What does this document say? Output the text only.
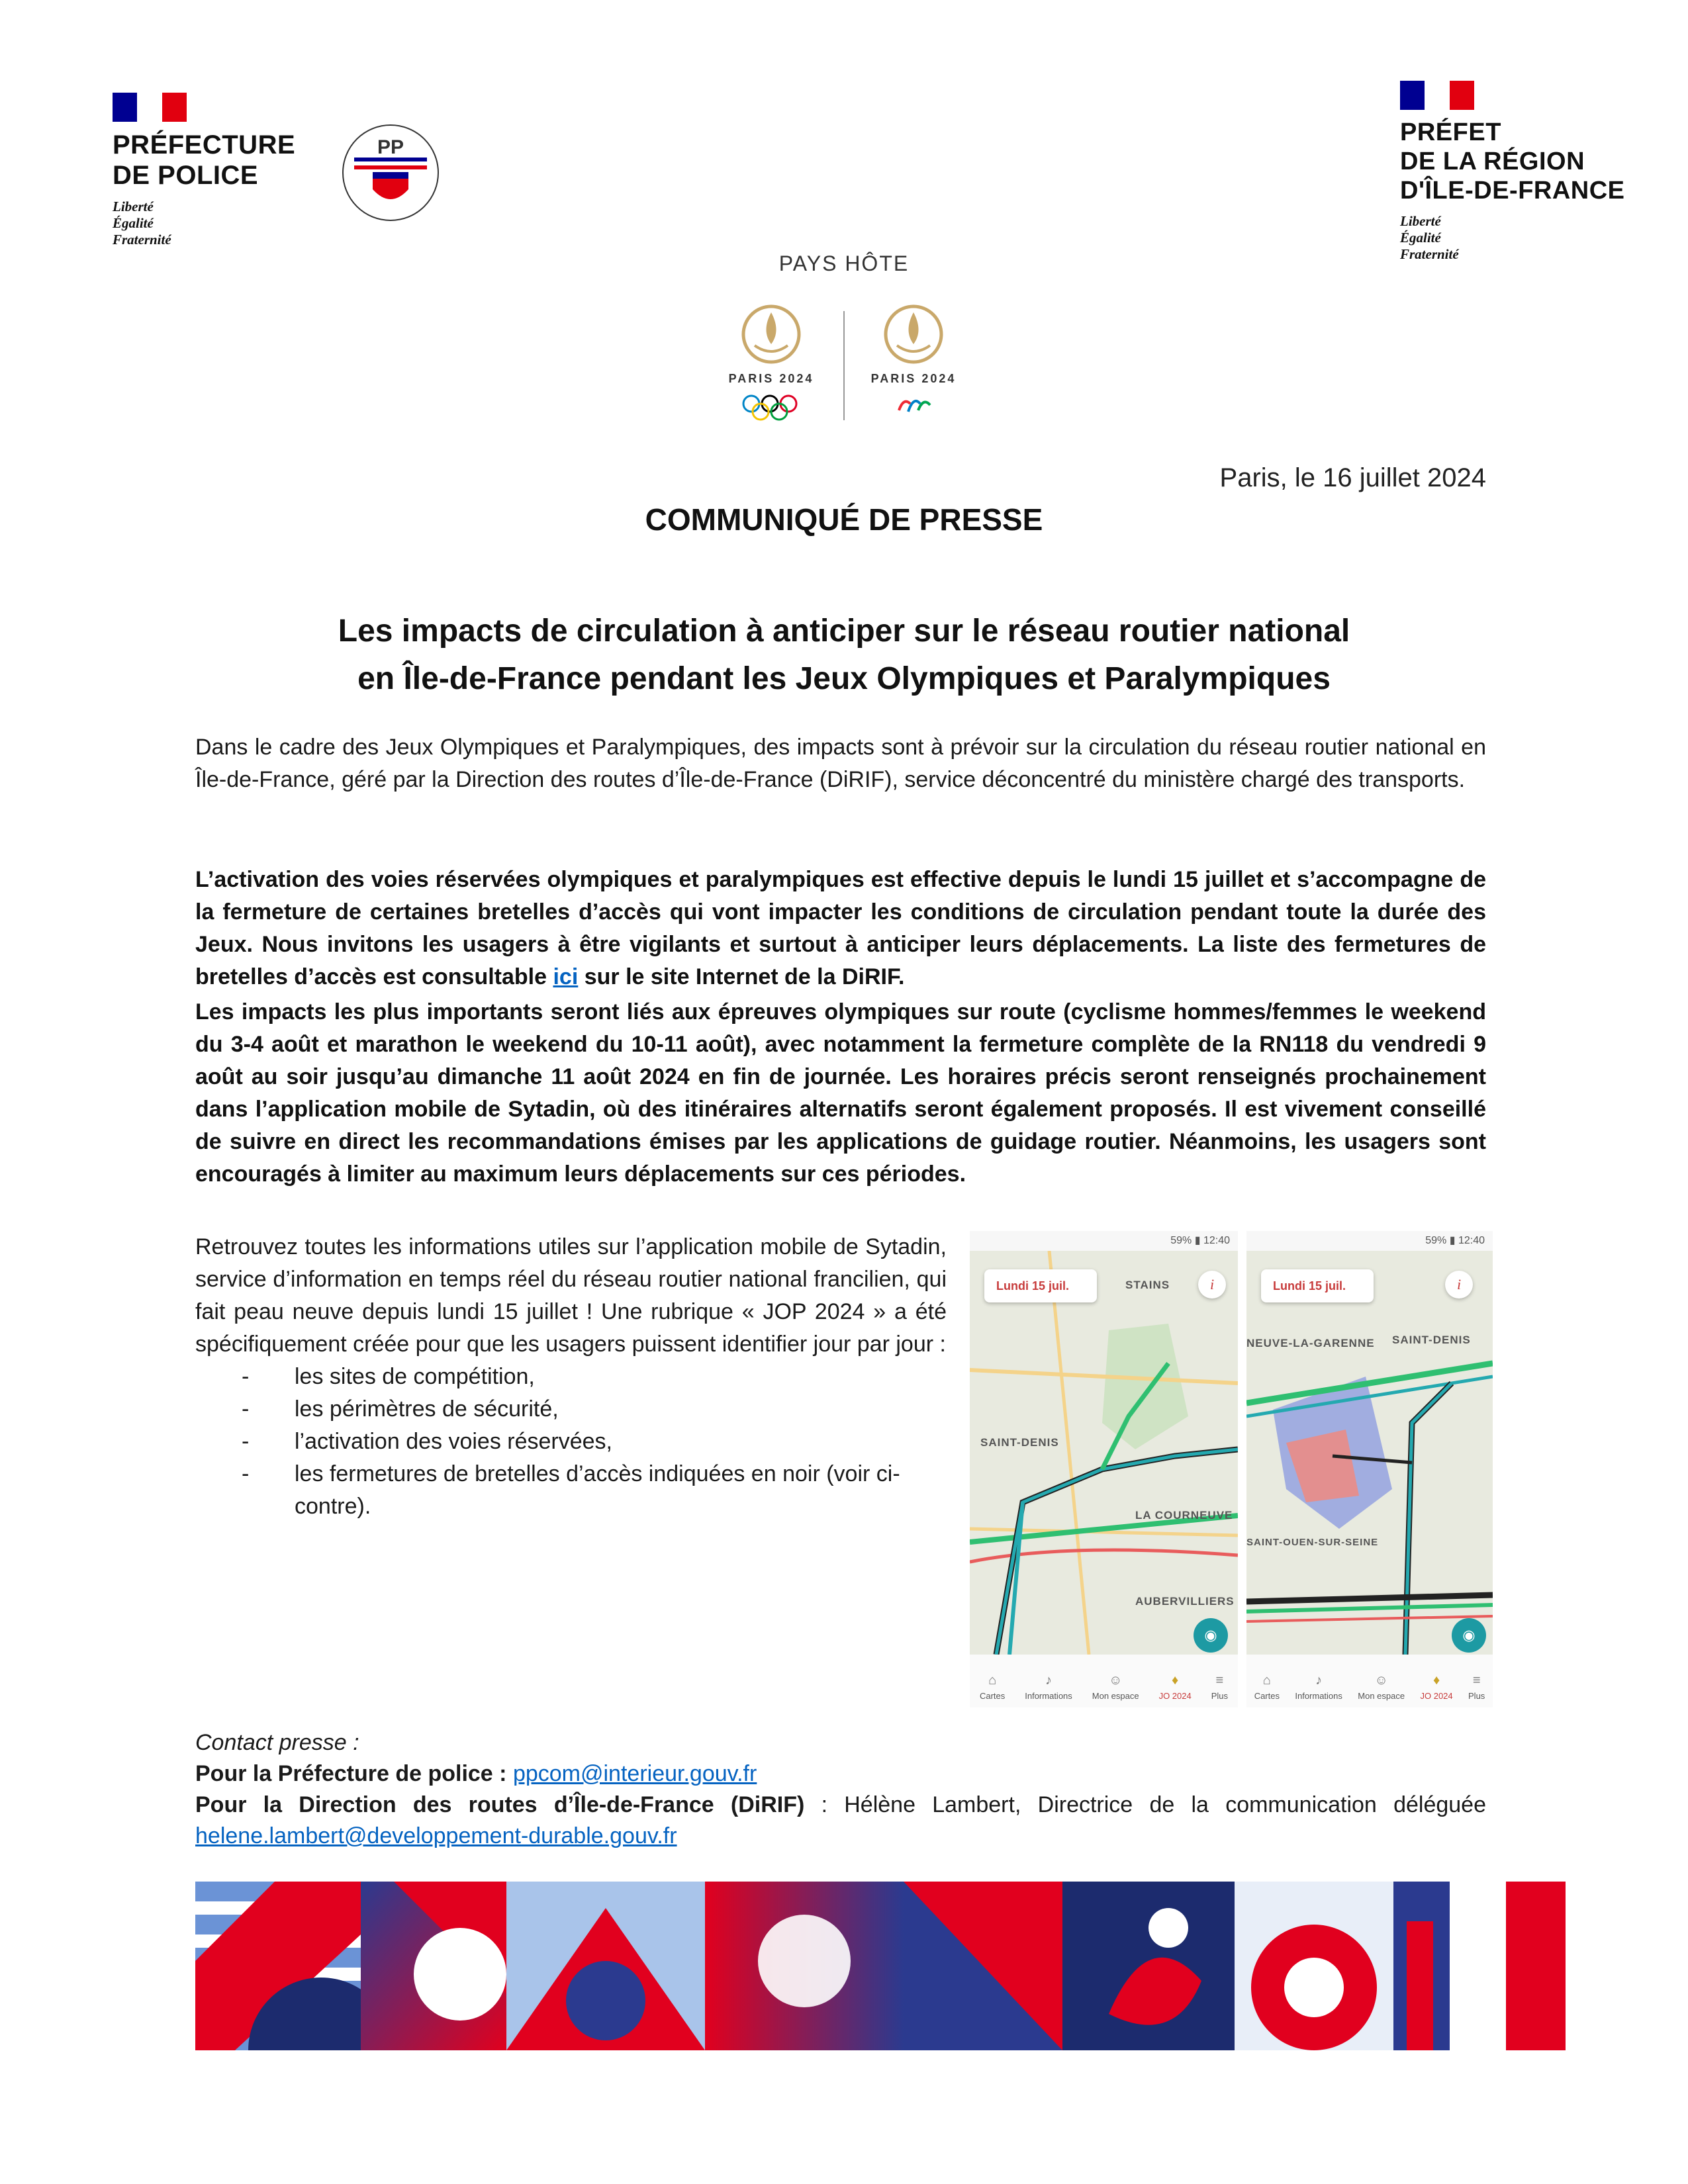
PRÉFECTURE
DE POLICE
Liberté
Égalité
Fraternité
PP
PRÉFET
DE LA RÉGION
D'ÎLE-DE-FRANCE
Liberté
Égalité
Fraternité
PAYS HÔTE
PARIS 2024	PARIS 2024
Paris, le 16 juillet 2024
COMMUNIQUÉ DE PRESSE
Les impacts de circulation à anticiper sur le réseau routier national
en Île-de-France pendant les Jeux Olympiques et Paralympiques
Dans le cadre des Jeux Olympiques et Paralympiques, des impacts sont à prévoir sur la circulation du réseau routier national en Île-de-France, géré par la Direction des routes d’Île-de-France (DiRIF), service déconcentré du ministère chargé des transports.
L’activation des voies réservées olympiques et paralympiques est effective depuis le lundi 15 juillet et s’accompagne de la fermeture de certaines bretelles d’accès qui vont impacter les conditions de circulation pendant toute la durée des Jeux. Nous invitons les usagers à être vigilants et surtout à anticiper leurs déplacements. La liste des fermetures de bretelles d’accès est consultable ici sur le site Internet de la DiRIF.
Les impacts les plus importants seront liés aux épreuves olympiques sur route (cyclisme hommes/femmes le weekend du 3-4 août et marathon le weekend du 10-11 août), avec notamment la fermeture complète de la RN118 du vendredi 9 août au soir jusqu’au dimanche 11 août 2024 en fin de journée. Les horaires précis seront renseignés prochainement dans l’application mobile de Sytadin, où des itinéraires alternatifs seront également proposés. Il est vivement conseillé de suivre en direct les recommandations émises par les applications de guidage routier. Néanmoins, les usagers sont encouragés à limiter au maximum leurs déplacements sur ces périodes.
Retrouvez toutes les informations utiles sur l’application mobile de Sytadin, service d’information en temps réel du réseau routier national francilien, qui fait peau neuve depuis lundi 15 juillet ! Une rubrique « JOP 2024 » a été spécifiquement créée pour que les usagers puissent identifier jour par jour :
- les sites de compétition,
- les périmètres de sécurité,
- l’activation des voies réservées,
- les fermetures de bretelles d’accès indiquées en noir (voir ci-contre).
59% ▮ 12:40
STAINS
SAINT-DENIS
LA COURNEUVE
AUBERVILLIERS
Lundi 15 juil.	i
◉
⌂
Cartes
♪
Informations
☺
Mon espace
♦
JO 2024
≡
Plus
59% ▮ 12:40
SAINT-DENIS
NEUVE-LA-GARENNE
SAINT-OUEN-SUR-SEINE
Lundi 15 juil.	i
◉
⌂
Cartes
♪
Informations
☺
Mon espace
♦
JO 2024
≡
Plus
Contact presse :
Pour la Préfecture de police : ppcom@interieur.gouv.fr
Pour la Direction des routes d’Île-de-France (DiRIF) : Hélène Lambert, Directrice de la communication déléguée
helene.lambert@developpement-durable.gouv.fr
